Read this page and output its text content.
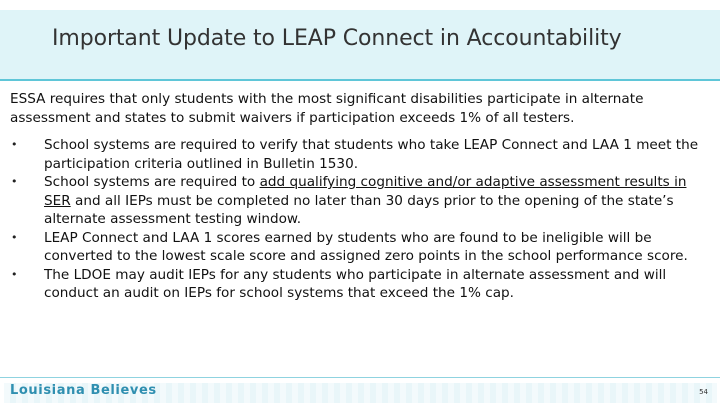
Important Update to LEAP Connect in Accountability
ESSA requires that only students with the most significant disabilities participate in alternate assessment and states to submit waivers if participation exceeds 1% of all testers.
• School systems are required to verify that students who take LEAP Connect and LAA 1 meet the participation criteria outlined in Bulletin 1530.
• School systems are required to add qualifying cognitive and/or adaptive assessment results in SER and all IEPs must be completed no later than 30 days prior to the opening of the state’s alternate assessment testing window.
• LEAP Connect and LAA 1 scores earned by students who are found to be ineligible will be converted to the lowest scale score and assigned zero points in the school performance score.
• The LDOE may audit IEPs for any students who participate in alternate assessment and will conduct an audit on IEPs for school systems that exceed the 1% cap.
Louisiana Believes	54
